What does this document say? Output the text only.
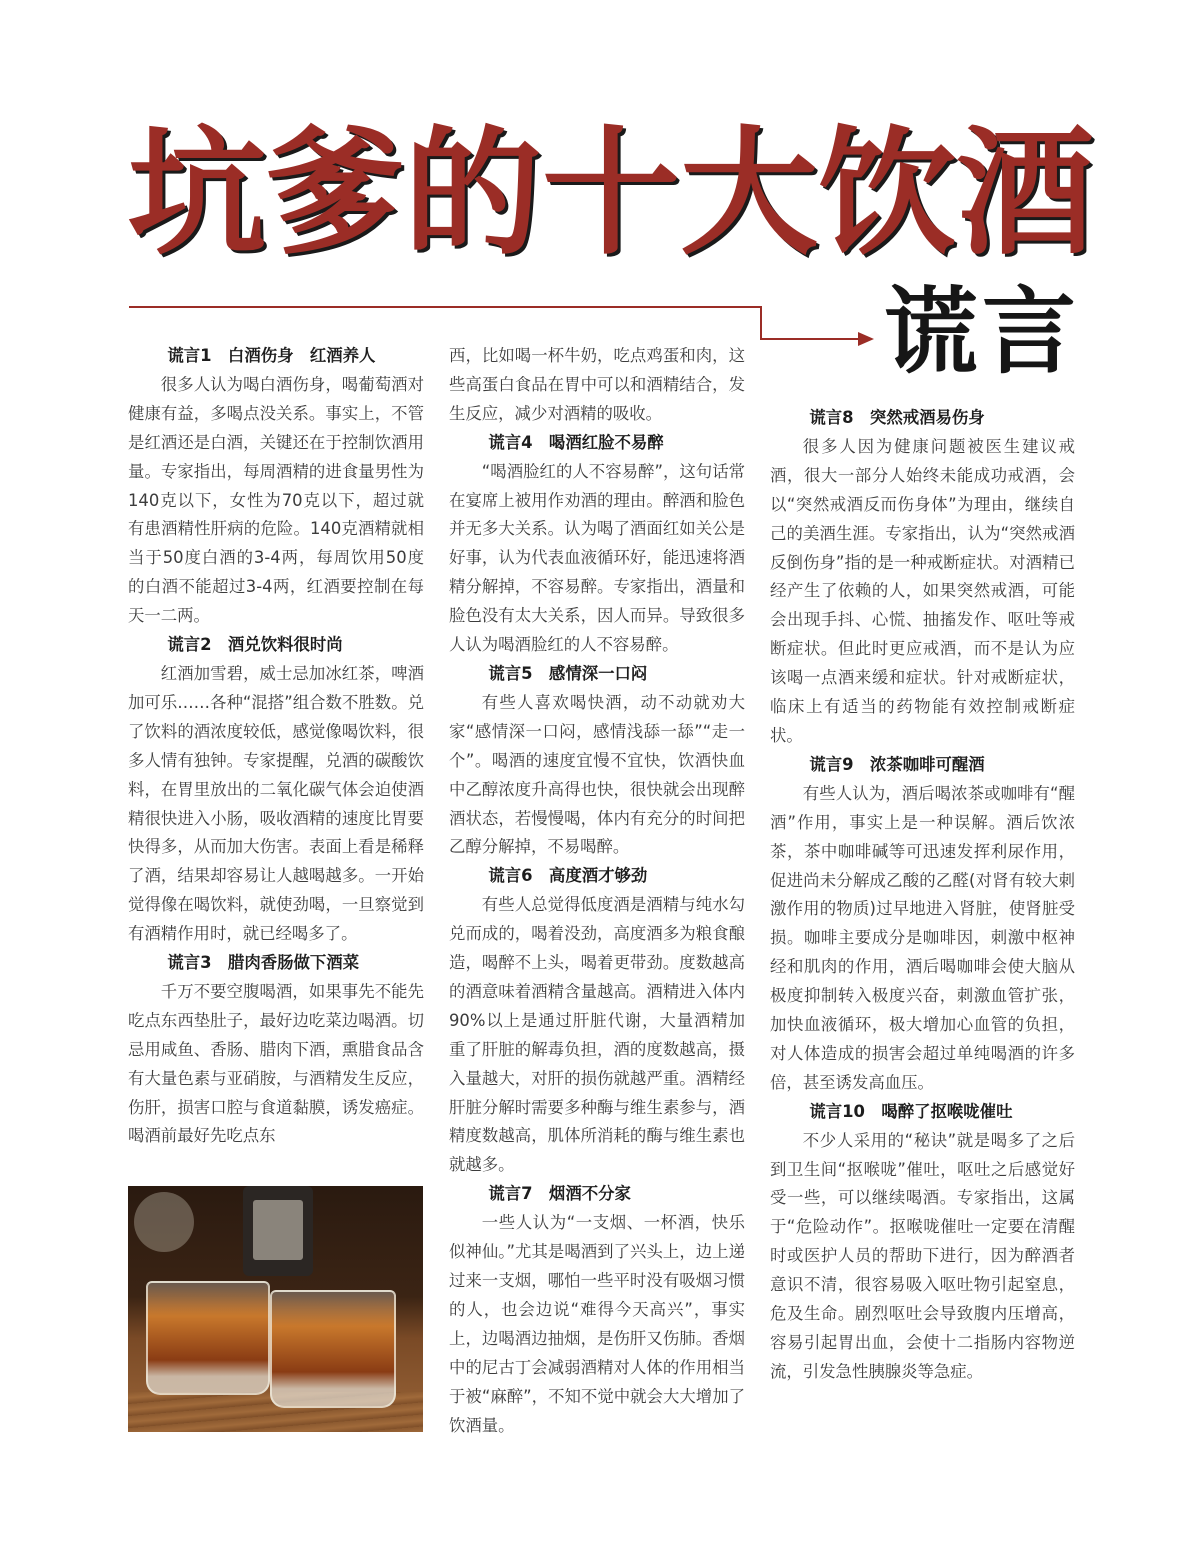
坑 爹 的 十 大 饮 酒
谎言
谎言1　白酒伤身　红酒养人

很多人认为喝白酒伤身，喝葡萄酒对健康有益，多喝点没关系。事实上，不管是红酒还是白酒，关键还在于控制饮酒用量。专家指出，每周酒精的进食量男性为140克以下，女性为70克以下，超过就有患酒精性肝病的危险。140克酒精就相当于50度白酒的3-4两，每周饮用50度的白酒不能超过3-4两，红酒要控制在每天一二两。

谎言2　酒兑饮料很时尚

红酒加雪碧，威士忌加冰红茶，啤酒加可乐……各种“混搭”组合数不胜数。兑了饮料的酒浓度较低，感觉像喝饮料，很多人情有独钟。专家提醒，兑酒的碳酸饮料，在胃里放出的二氧化碳气体会迫使酒精很快进入小肠，吸收酒精的速度比胃要快得多，从而加大伤害。表面上看是稀释了酒，结果却容易让人越喝越多。一开始觉得像在喝饮料，就使劲喝，一旦察觉到有酒精作用时，就已经喝多了。

谎言3　腊肉香肠做下酒菜

千万不要空腹喝酒，如果事先不能先吃点东西垫肚子，最好边吃菜边喝酒。切忌用咸鱼、香肠、腊肉下酒，熏腊食品含有大量色素与亚硝胺，与酒精发生反应，伤肝，损害口腔与食道黏膜，诱发癌症。喝酒前最好先吃点东

西，比如喝一杯牛奶，吃点鸡蛋和肉，这些高蛋白食品在胃中可以和酒精结合，发生反应，减少对酒精的吸收。

谎言4　喝酒红脸不易醉

“喝酒脸红的人不容易醉”，这句话常在宴席上被用作劝酒的理由。醉酒和脸色并无多大关系。认为喝了酒面红如关公是好事，认为代表血液循环好，能迅速将酒精分解掉，不容易醉。专家指出，酒量和脸色没有太大关系，因人而异。导致很多人认为喝酒脸红的人不容易醉。

谎言5　感情深一口闷

有些人喜欢喝快酒，动不动就劝大家“感情深一口闷，感情浅舔一舔”“走一个”。喝酒的速度宜慢不宜快，饮酒快血中乙醇浓度升高得也快，很快就会出现醉酒状态，若慢慢喝，体内有充分的时间把乙醇分解掉，不易喝醉。

谎言6　高度酒才够劲

有些人总觉得低度酒是酒精与纯水勾兑而成的，喝着没劲，高度酒多为粮食酿造，喝醉不上头，喝着更带劲。度数越高的酒意味着酒精含量越高。酒精进入体内90%以上是通过肝脏代谢，大量酒精加重了肝脏的解毒负担，酒的度数越高，摄入量越大，对肝的损伤就越严重。酒精经肝脏分解时需要多种酶与维生素参与，酒精度数越高，肌体所消耗的酶与维生素也就越多。

谎言7　烟酒不分家

一些人认为“一支烟、一杯酒，快乐似神仙。”尤其是喝酒到了兴头上，边上递过来一支烟，哪怕一些平时没有吸烟习惯的人，也会边说“难得今天高兴”，事实上，边喝酒边抽烟，是伤肝又伤肺。香烟中的尼古丁会减弱酒精对人体的作用相当于被“麻醉”，不知不觉中就会大大增加了饮酒量。

谎言8　突然戒酒易伤身

很多人因为健康问题被医生建议戒酒，很大一部分人始终未能成功戒酒，会以“突然戒酒反而伤身体”为理由，继续自己的美酒生涯。专家指出，认为“突然戒酒反倒伤身”指的是一种戒断症状。对酒精已经产生了依赖的人，如果突然戒酒，可能会出现手抖、心慌、抽搐发作、呕吐等戒断症状。但此时更应戒酒，而不是认为应该喝一点酒来缓和症状。针对戒断症状，临床上有适当的药物能有效控制戒断症状。

谎言9　浓茶咖啡可醒酒

有些人认为，酒后喝浓茶或咖啡有“醒酒”作用，事实上是一种误解。酒后饮浓茶，茶中咖啡碱等可迅速发挥利尿作用，促进尚未分解成乙酸的乙醛(对肾有较大刺激作用的物质)过早地进入肾脏，使肾脏受损。咖啡主要成分是咖啡因，刺激中枢神经和肌肉的作用，酒后喝咖啡会使大脑从极度抑制转入极度兴奋，刺激血管扩张，加快血液循环，极大增加心血管的负担，对人体造成的损害会超过单纯喝酒的许多倍，甚至诱发高血压。

谎言10　喝醉了抠喉咙催吐

不少人采用的“秘诀”就是喝多了之后到卫生间“抠喉咙”催吐，呕吐之后感觉好受一些，可以继续喝酒。专家指出，这属于“危险动作”。抠喉咙催吐一定要在清醒时或医护人员的帮助下进行，因为醉酒者意识不清，很容易吸入呕吐物引起窒息，危及生命。剧烈呕吐会导致腹内压增高，容易引起胃出血，会使十二指肠内容物逆流，引发急性胰腺炎等急症。
